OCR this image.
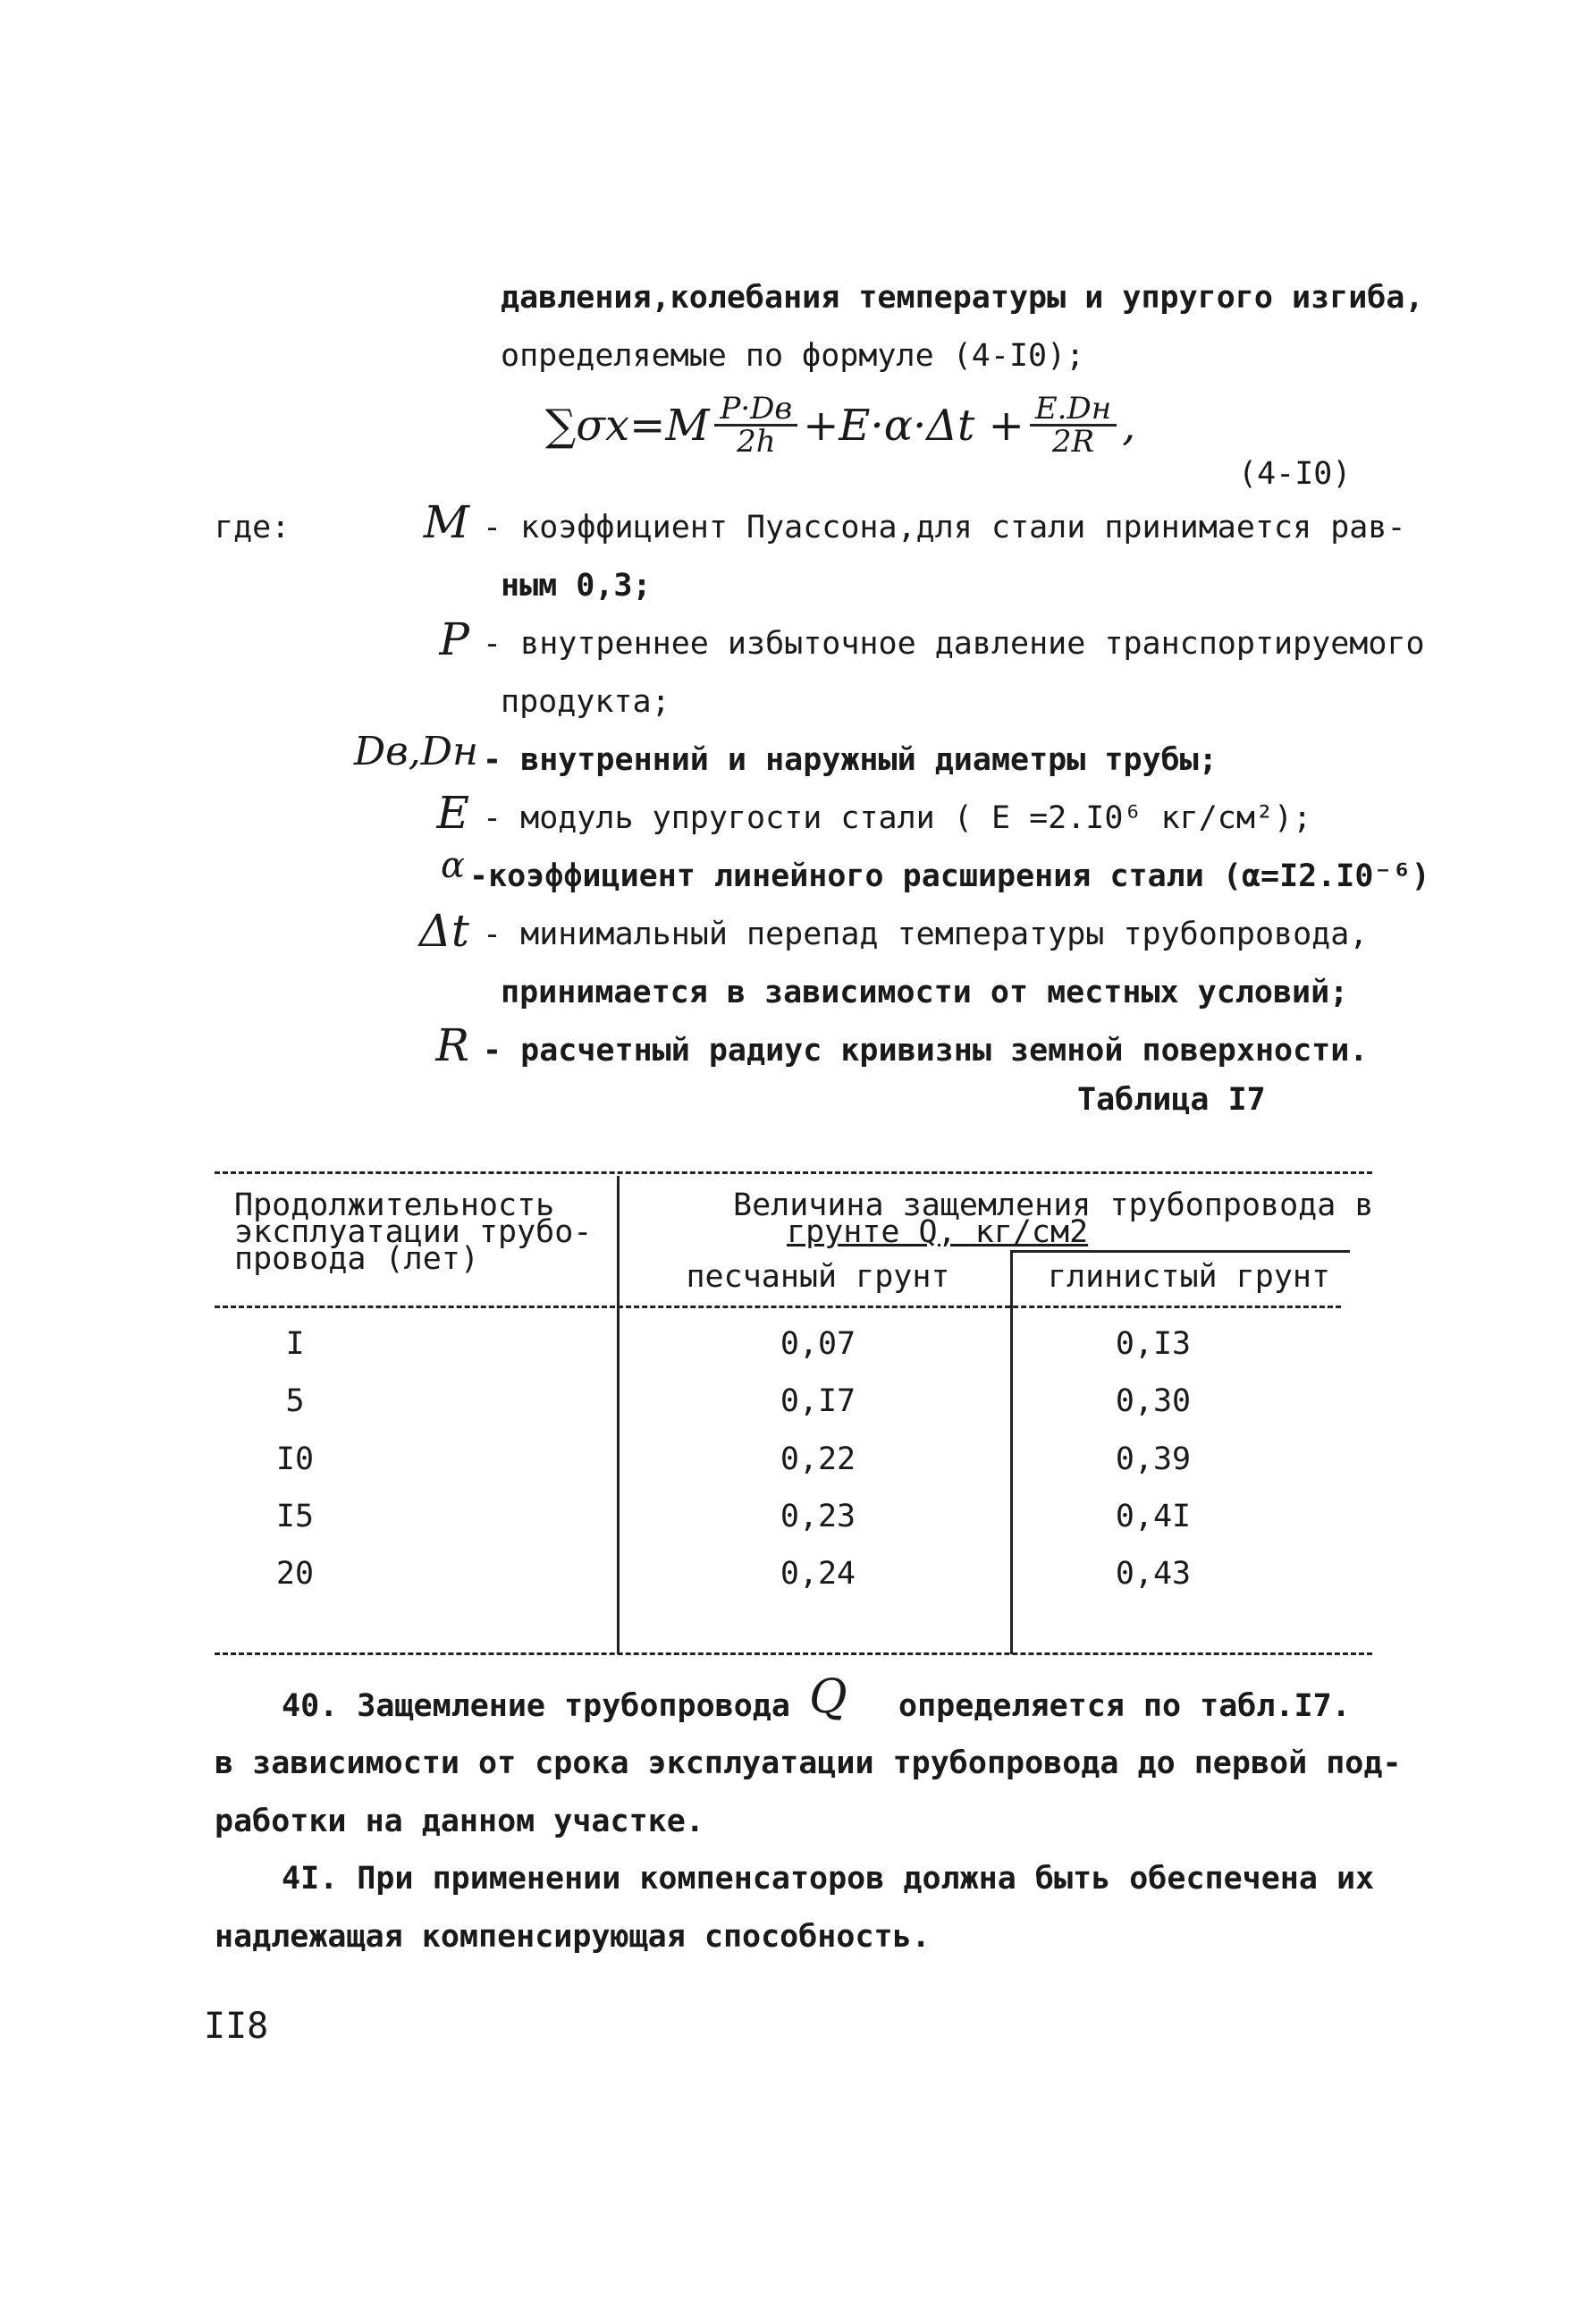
давления,колебания температуры и упругого изгиба,
определяемые по формуле (4-I0);
$\sum\sigma x=M \frac{P\cdot Dв}{2h} +E\cdot\alpha\cdot\Delta t + \frac{E.Dн}{2R}$ ,
(4-I0)
где:	M - коэффициент Пуассона,для стали принимается рав-
ным 0,3;
P - внутреннее избыточное давление транспортируемого
продукта;
Dв,Dн - внутренний и наружный диаметры трубы;
E - модуль упругости стали ( E =2.I0⁶ кг/см²);
α -коэффициент линейного расширения стали (α=I2.I0⁻⁶)
Δt - минимальный перепад температуры трубопровода,
принимается в зависимости от местных условий;
R - расчетный радиус кривизны земной поверхности.
Таблица I7
Продолжительность
эксплуатации трубо-
провода (лет)
Величина защемления трубопровода в
грунте Q, кг/см2
песчаный грунт	глинистый грунт
I	0,07	0,I3
5	0,I7	0,30
I0	0,22	0,39
I5	0,23	0,4I
20	0,24	0,43
40. Защемление трубопровода Q определяется по табл.I7.
в зависимости от срока эксплуатации трубопровода до первой под-
работки на данном участке.
4I. При применении компенсаторов должна быть обеспечена их
надлежащая компенсирующая способность.
II8
